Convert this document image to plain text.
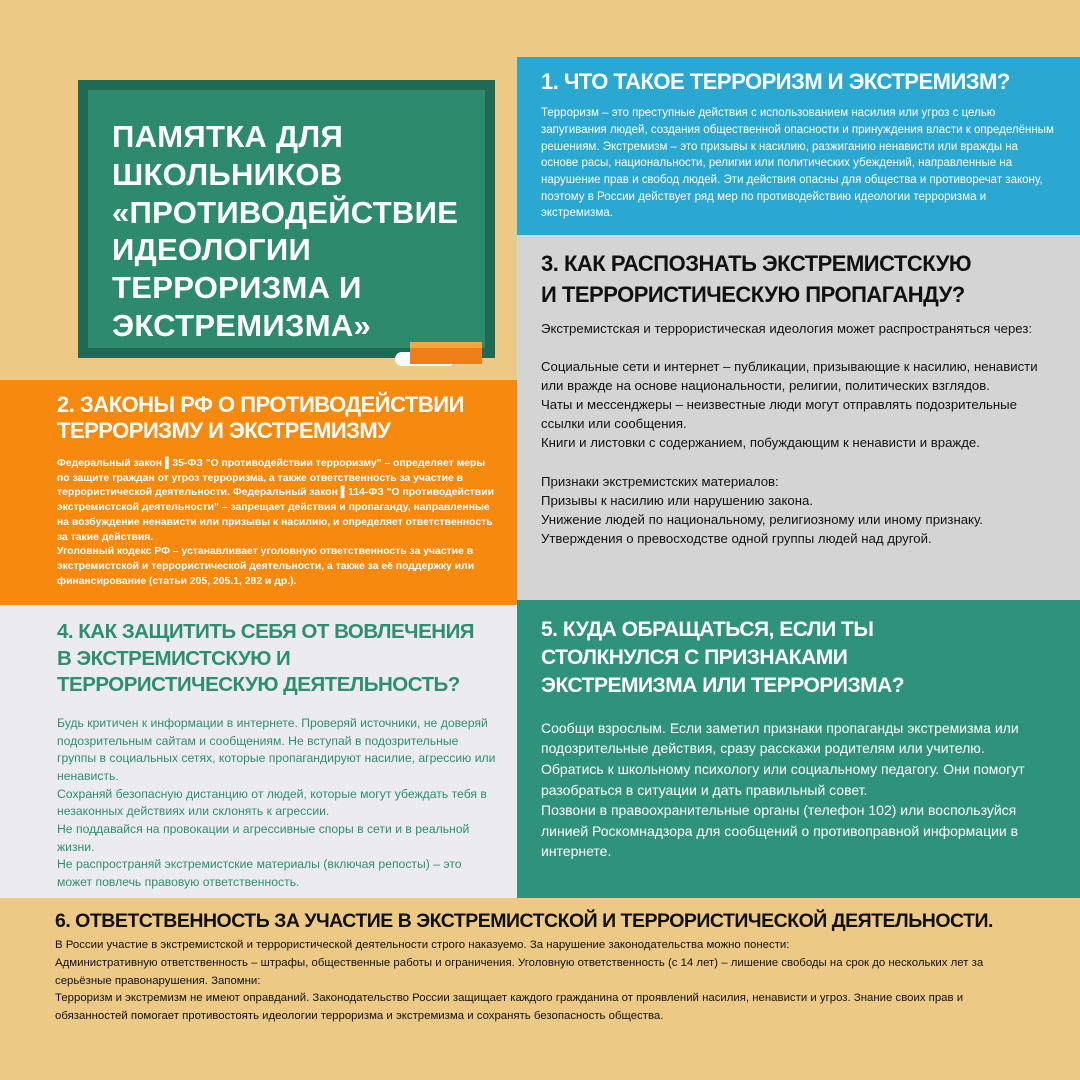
ПАМЯТКА ДЛЯ ШКОЛЬНИКОВ «ПРОТИВОДЕЙСТВИЕ ИДЕОЛОГИИ ТЕРРОРИЗМА И ЭКСТРЕМИЗМА»
1. ЧТО ТАКОЕ ТЕРРОРИЗМ И ЭКСТРЕМИЗМ?

Терроризм – это преступные действия с использованием насилия или угроз с целью запугивания людей, создания общественной опасности и принуждения власти к определённым решениям. Экстремизм – это призывы к насилию, разжиганию ненависти или вражды на основе расы, национальности, религии или политических убеждений, направленные на нарушение прав и свобод людей. Эти действия опасны для общества и противоречат закону, поэтому в России действует ряд мер по противодействию идеологии терроризма и экстремизма.

3. КАК РАСПОЗНАТЬ ЭКСТРЕМИСТСКУЮ
И ТЕРРОРИСТИЧЕСКУЮ ПРОПАГАНДУ?

Экстремистская и террористическая идеология может распространяться через:

Социальные сети и интернет – публикации, призывающие к насилию, ненависти или вражде на основе национальности, религии, политических взглядов.
Чаты и мессенджеры – неизвестные люди могут отправлять подозрительные ссылки или сообщения.
Книги и листовки с содержанием, побуждающим к ненависти и вражде.

Признаки экстремистских материалов:
Призывы к насилию или нарушению закона.
Унижение людей по национальному, религиозному или иному признаку.
Утверждения о превосходстве одной группы людей над другой.

2. ЗАКОНЫ РФ О ПРОТИВОДЕЙСТВИИ ТЕРРОРИЗМУ И ЭКСТРЕМИЗМУ

Федеральный закон ▌35-ФЗ "О противодействии терроризму" – определяет меры по защите граждан от угроз терроризма, а также ответственность за участие в террористической деятельности. Федеральный закон ▌114-ФЗ "О противодействии экстремистской деятельности" – запрещает действия и пропаганду, направленные на возбуждение ненависти или призывы к насилию, и определяет ответственность за такие действия.
Уголовный кодекс РФ – устанавливает уголовную ответственность за участие в экстремистской и террористической деятельности, а также за её поддержку или финансирование (статьи 205, 205.1, 282 и др.).

4. КАК ЗАЩИТИТЬ СЕБЯ ОТ ВОВЛЕЧЕНИЯ
В ЭКСТРЕМИСТСКУЮ И ТЕРРОРИСТИЧЕСКУЮ ДЕЯТЕЛЬНОСТЬ?

Будь критичен к информации в интернете. Проверяй источники, не доверяй подозрительным сайтам и сообщениям. Не вступай в подозрительные группы в социальных сетях, которые пропагандируют насилие, агрессию или ненависть.
Сохраняй безопасную дистанцию от людей, которые могут убеждать тебя в незаконных действиях или склонять к агрессии.
Не поддавайся на провокации и агрессивные споры в сети и в реальной жизни.
Не распространяй экстремистские материалы (включая репосты) – это может повлечь правовую ответственность.

5. КУДА ОБРАЩАТЬСЯ, ЕСЛИ ТЫ
СТОЛКНУЛСЯ С ПРИЗНАКАМИ
ЭКСТРЕМИЗМА ИЛИ ТЕРРОРИЗМА?

Сообщи взрослым. Если заметил признаки пропаганды экстремизма или подозрительные действия, сразу расскажи родителям или учителю.
Обратись к школьному психологу или социальному педагогу. Они помогут разобраться в ситуации и дать правильный совет.
Позвони в правоохранительные органы (телефон 102) или воспользуйся линией Роскомнадзора для сообщений о противоправной информации в интернете.

6. ОТВЕТСТВЕННОСТЬ ЗА УЧАСТИЕ В ЭКСТРЕМИСТСКОЙ И ТЕРРОРИСТИЧЕСКОЙ ДЕЯТЕЛЬНОСТИ.

В России участие в экстремистской и террористической деятельности строго наказуемо. За нарушение законодательства можно понести:
Административную ответственность – штрафы, общественные работы и ограничения. Уголовную ответственность (с 14 лет) – лишение свободы на срок до нескольких лет за серьёзные правонарушения. Запомни:
Терроризм и экстремизм не имеют оправданий. Законодательство России защищает каждого гражданина от проявлений насилия, ненависти и угроз. Знание своих прав и обязанностей помогает противостоять идеологии терроризма и экстремизма и сохранять безопасность общества.
